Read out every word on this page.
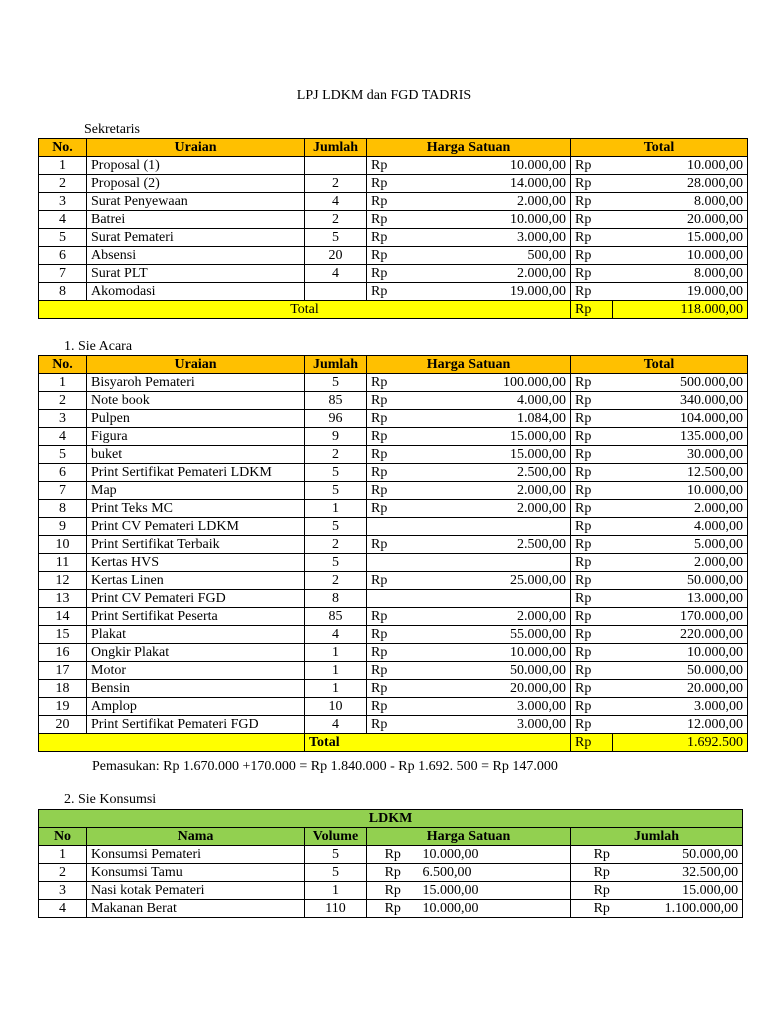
LPJ LDKM dan FGD TADRIS
Sekretaris
No.	Uraian	Jumlah	Harga Satuan		Total	
1	Proposal (1)		Rp	10.000,00	Rp	10.000,00
2	Proposal (2)	2	Rp	14.000,00	Rp	28.000,00
3	Surat Penyewaan	4	Rp	2.000,00	Rp	8.000,00
4	Batrei	2	Rp	10.000,00	Rp	20.000,00
5	Surat Pemateri	5	Rp	3.000,00	Rp	15.000,00
6	Absensi	20	Rp	500,00	Rp	10.000,00
7	Surat PLT	4	Rp	2.000,00	Rp	8.000,00
8	Akomodasi		Rp	19.000,00	Rp	19.000,00
Total					Rp	118.000,00
1. Sie Acara
No.	Uraian	Jumlah	Harga Satuan		Total	
1	Bisyaroh Pemateri	5	Rp	100.000,00	Rp	500.000,00
2	Note book	85	Rp	4.000,00	Rp	340.000,00
3	Pulpen	96	Rp	1.084,00	Rp	104.000,00
4	Figura	9	Rp	15.000,00	Rp	135.000,00
5	buket	2	Rp	15.000,00	Rp	30.000,00
6	Print Sertifikat Pemateri LDKM	5	Rp	2.500,00	Rp	12.500,00
7	Map	5	Rp	2.000,00	Rp	10.000,00
8	Print Teks MC	1	Rp	2.000,00	Rp	2.000,00
9	Print CV Pemateri LDKM	5			Rp	4.000,00
10	Print Sertifikat Terbaik	2	Rp	2.500,00	Rp	5.000,00
11	Kertas HVS	5			Rp	2.000,00
12	Kertas Linen	2	Rp	25.000,00	Rp	50.000,00
13	Print CV Pemateri FGD	8			Rp	13.000,00
14	Print Sertifikat Peserta	85	Rp	2.000,00	Rp	170.000,00
15	Plakat	4	Rp	55.000,00	Rp	220.000,00
16	Ongkir Plakat	1	Rp	10.000,00	Rp	10.000,00
17	Motor	1	Rp	50.000,00	Rp	50.000,00
18	Bensin	1	Rp	20.000,00	Rp	20.000,00
19	Amplop	10	Rp	3.000,00	Rp	3.000,00
20	Print Sertifikat Pemateri FGD	4	Rp	3.000,00	Rp	12.000,00
		Total			Rp	1.692.500
Pemasukan: Rp 1.670.000 +170.000 = Rp 1.840.000 - Rp 1.692. 500 = Rp 147.000
2. Sie Konsumsi
LDKM						
No	Nama	Volume	Harga Satuan		Jumlah	
1	Konsumsi Pemateri	5	Rp	10.000,00	Rp	50.000,00
2	Konsumsi Tamu	5	Rp	6.500,00	Rp	32.500,00
3	Nasi kotak Pemateri	1	Rp	15.000,00	Rp	15.000,00
4	Makanan Berat	110	Rp	10.000,00	Rp	1.100.000,00
